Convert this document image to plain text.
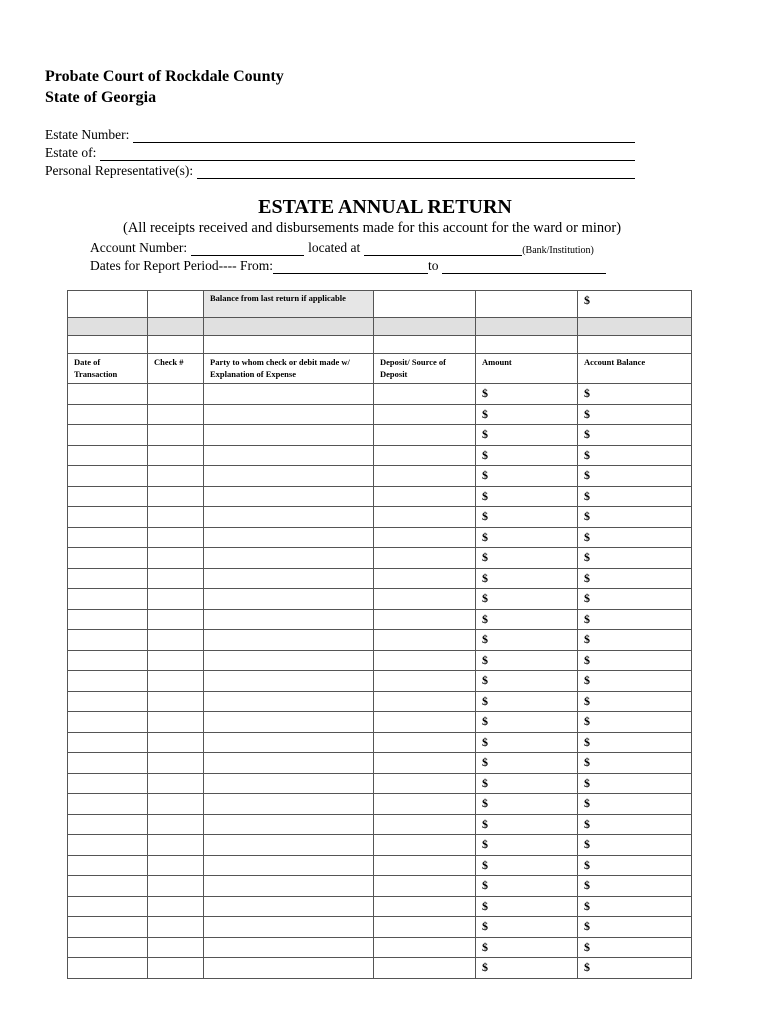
Probate Court of Rockdale County
State of Georgia
Estate Number:
Estate of:
Personal Representative(s):
ESTATE ANNUAL RETURN
(All receipts received and disbursements made for this account for the ward or minor)
Account Number:	located at	(Bank/Institution)
Dates for Report Period---- From:	to
		Balance from last return if applicable			$

Date of Transaction	Check #	Party to whom check or debit made w/ Explanation of Expense	Deposit/ Source of Deposit	Amount	Account Balance
				$	$
				$	$
				$	$
				$	$
				$	$
				$	$
				$	$
				$	$
				$	$
				$	$
				$	$
				$	$
				$	$
				$	$
				$	$
				$	$
				$	$
				$	$
				$	$
				$	$
				$	$
				$	$
				$	$
				$	$
				$	$
				$	$
				$	$
				$	$
				$	$
